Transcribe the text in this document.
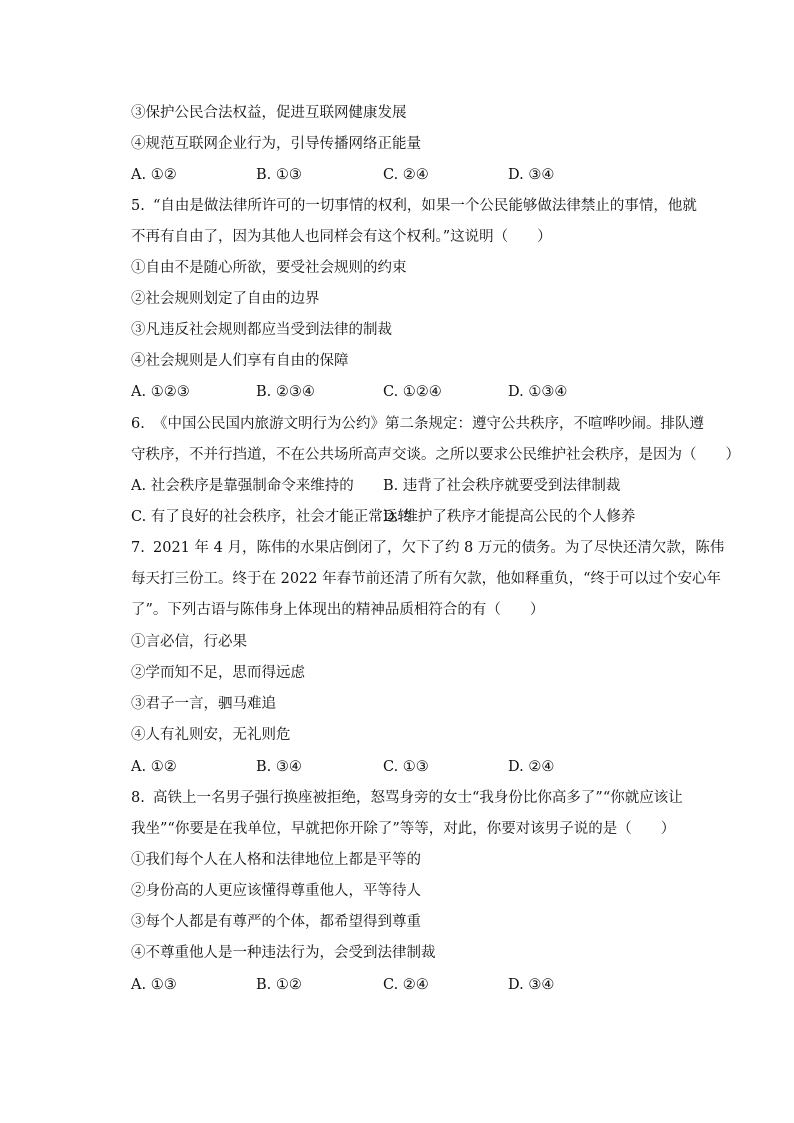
③保护公民合法权益，促进互联网健康发展
④规范互联网企业行为，引导传播网络正能量
A. ①②	B. ①③	C. ②④	D. ③④
5. “自由是做法律所许可的一切事情的权利，如果一个公民能够做法律禁止的事情，他就
不再有自由了，因为其他人也同样会有这个权利。”这说明（　　）
①自由不是随心所欲，要受社会规则的约束
②社会规则划定了自由的边界
③凡违反社会规则都应当受到法律的制裁
④社会规则是人们享有自由的保障
A. ①②③	B. ②③④	C. ①②④	D. ①③④
6. 《中国公民国内旅游文明行为公约》第二条规定：遵守公共秩序，不喧哗吵闹。排队遵
守秩序，不并行挡道，不在公共场所高声交谈。之所以要求公民维护社会秩序，是因为（　　）
A. 社会秩序是靠强制命令来维持的 B. 违背了社会秩序就要受到法律制裁
C. 有了良好的社会秩序，社会才能正常运转
D. 维护了秩序才能提高公民的个人修养
7. 2021 年 4 月，陈伟的水果店倒闭了，欠下了约 8 万元的债务。为了尽快还清欠款，陈伟
每天打三份工。终于在 2022 年春节前还清了所有欠款，他如释重负，“终于可以过个安心年
了”。下列古语与陈伟身上体现出的精神品质相符合的有（　　）
①言必信，行必果
②学而知不足，思而得远虑
③君子一言，驷马难追
④人有礼则安，无礼则危
A. ①②	B. ③④	C. ①③	D. ②④
8. 高铁上一名男子强行换座被拒绝，怒骂身旁的女士“我身份比你高多了”“你就应该让
我坐”“你要是在我单位，早就把你开除了”等等，对此，你要对该男子说的是（　　）
①我们每个人在人格和法律地位上都是平等的
②身份高的人更应该懂得尊重他人，平等待人
③每个人都是有尊严的个体，都希望得到尊重
④不尊重他人是一种违法行为，会受到法律制裁
A. ①③	B. ①②	C. ②④	D. ③④
